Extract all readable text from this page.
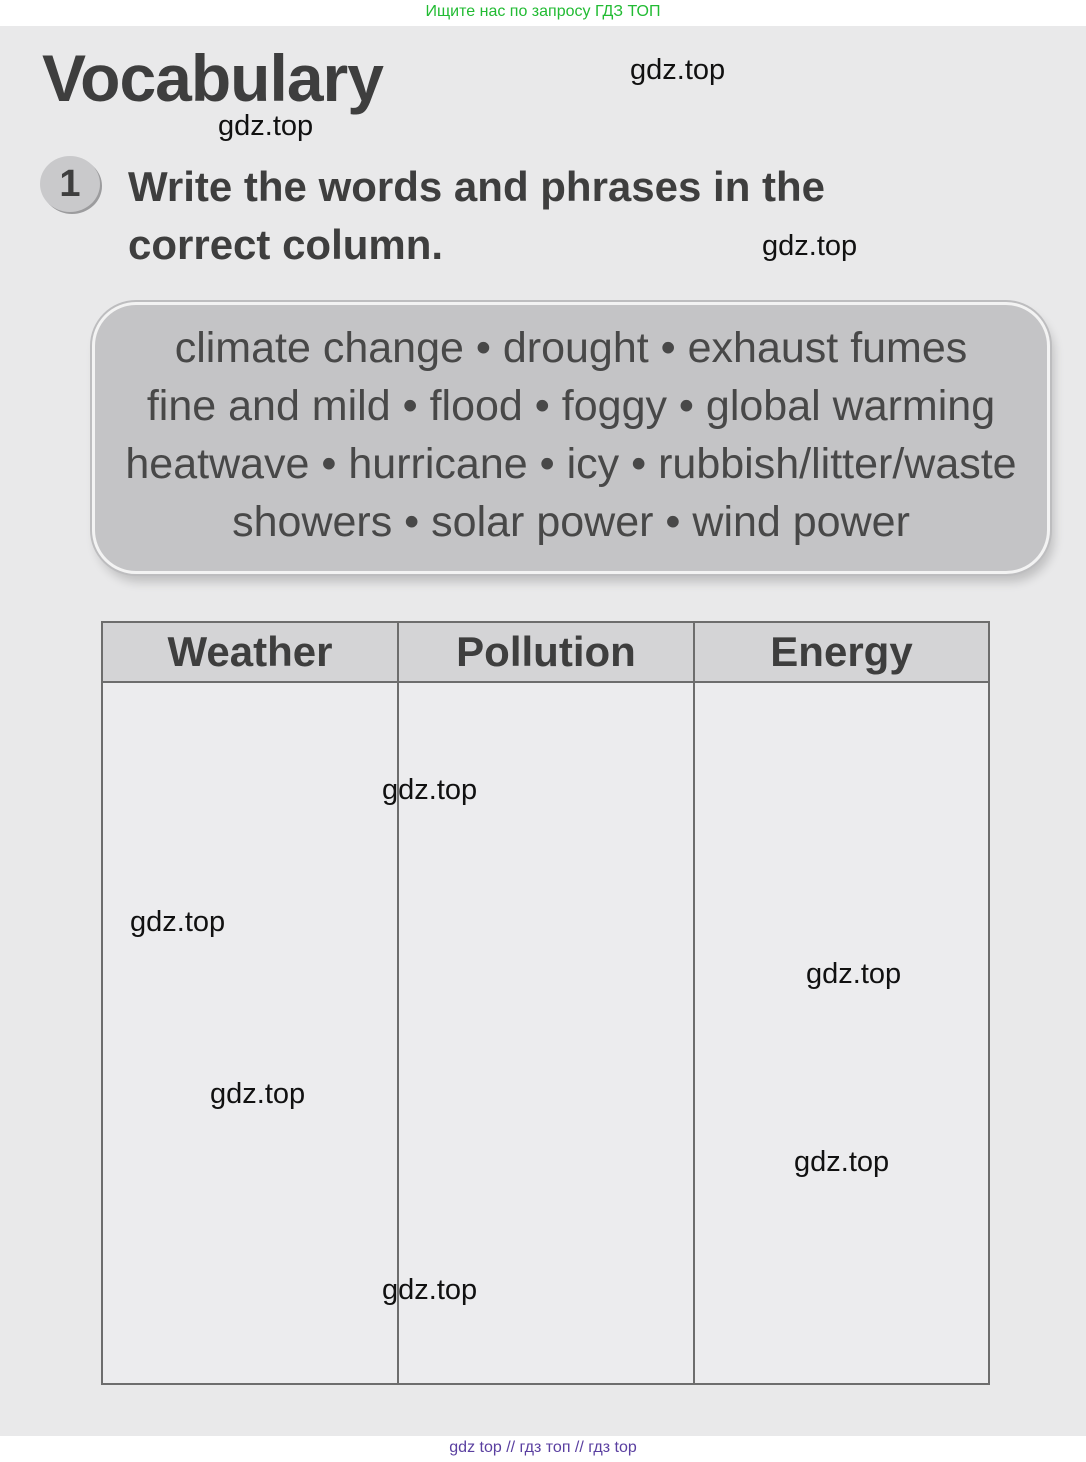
Ищите нас по запросу ГДЗ ТОП
Vocabulary
1	Write the words and phrases in the correct column.

climate change • drought • exhaust fumes
fine and mild • flood • foggy • global warming
heatwave • hurricane • icy • rubbish/litter/waste
showers • solar power • wind power
Weather	Pollution	Energy
gdz.top
gdz.top
gdz.top
gdz.top
gdz.top
gdz.top
gdz.top
gdz.top
gdz.top
gdz top // гдз топ // гдз top
